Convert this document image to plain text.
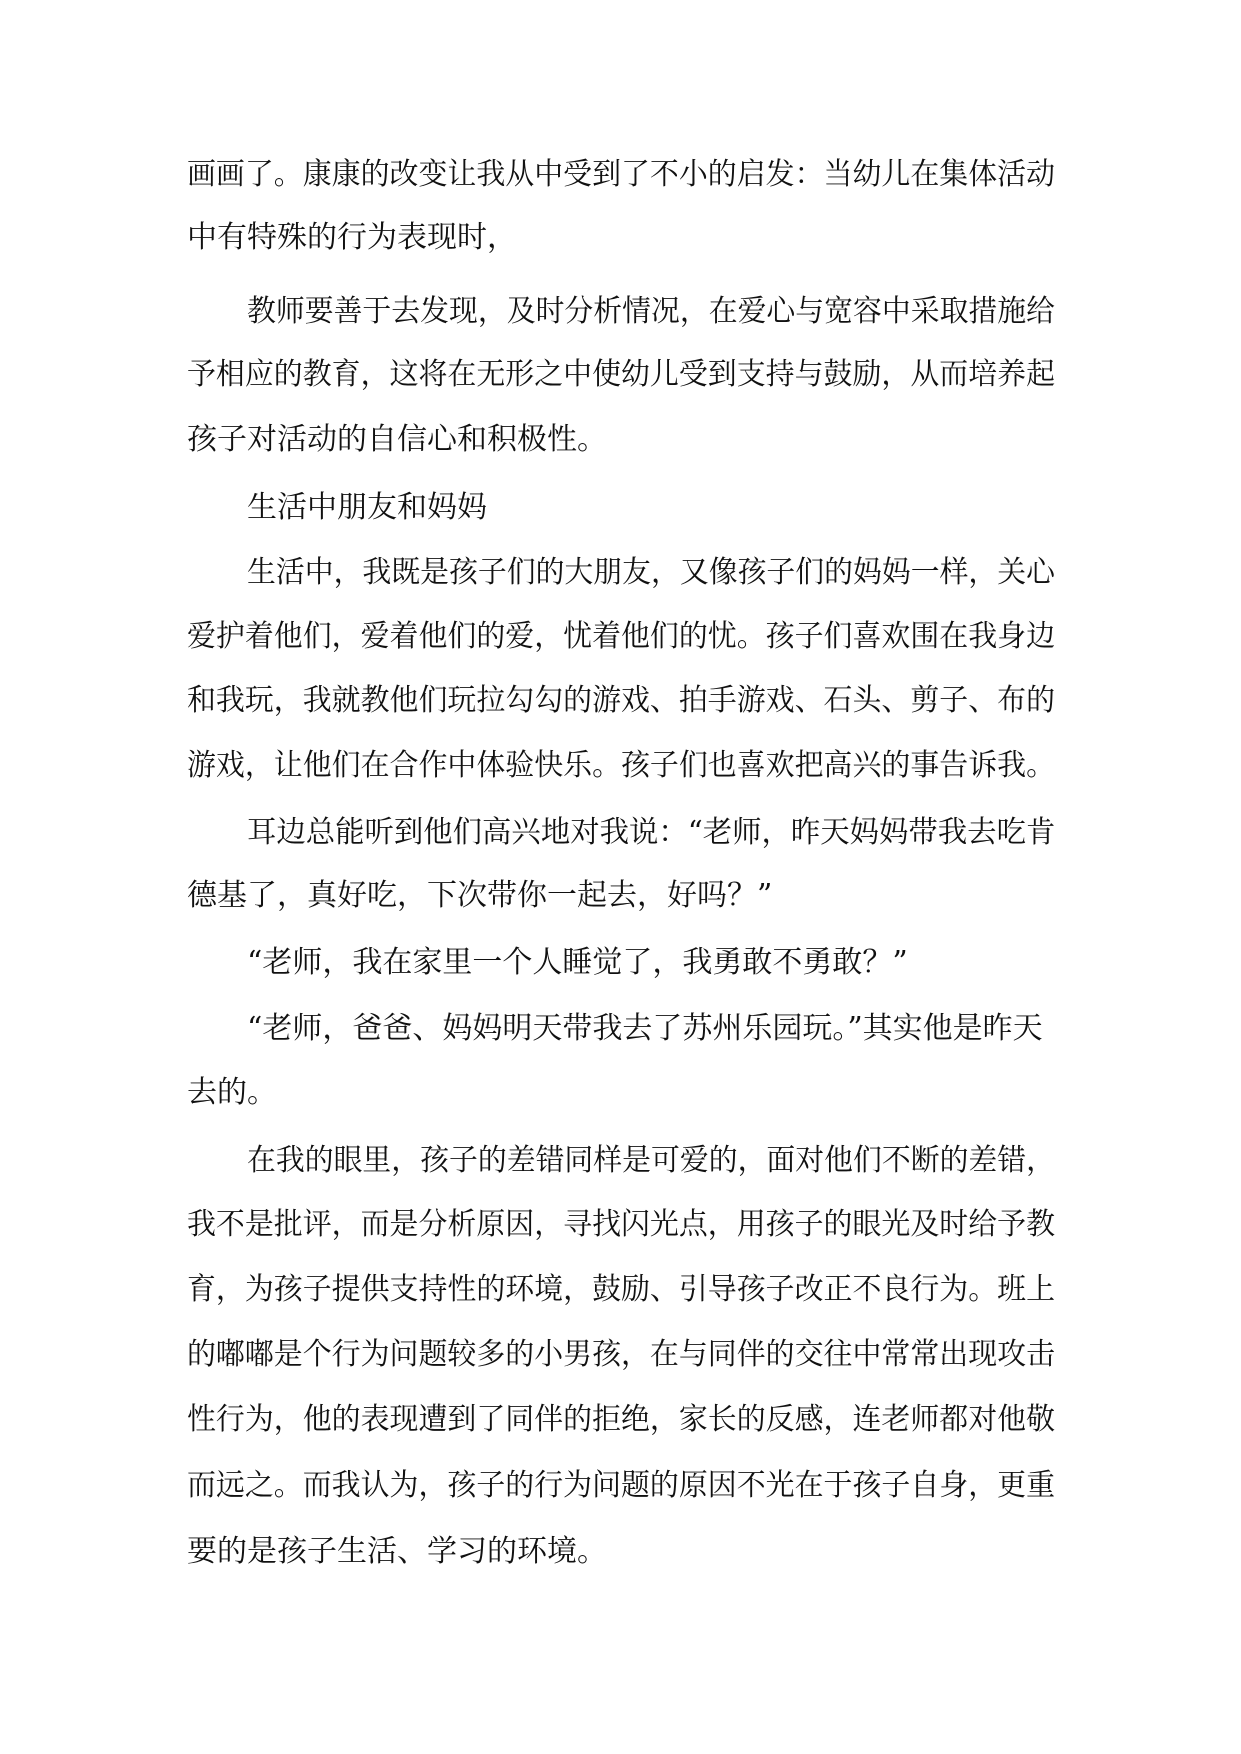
画画了。康康的改变让我从中受到了不小的启发：当幼儿在集体活动
中有特殊的行为表现时，
教师要善于去发现，及时分析情况，在爱心与宽容中采取措施给
予相应的教育，这将在无形之中使幼儿受到支持与鼓励，从而培养起
孩子对活动的自信心和积极性。
生活中朋友和妈妈
生活中，我既是孩子们的大朋友，又像孩子们的妈妈一样，关心
爱护着他们，爱着他们的爱，忧着他们的忧。孩子们喜欢围在我身边
和我玩，我就教他们玩拉勾勾的游戏、拍手游戏、石头、剪子、布的
游戏，让他们在合作中体验快乐。孩子们也喜欢把高兴的事告诉我。
耳边总能听到他们高兴地对我说：“老师，昨天妈妈带我去吃肯
德基了，真好吃，下次带你一起去，好吗？”
“老师，我在家里一个人睡觉了，我勇敢不勇敢？”
“老师，爸爸、妈妈明天带我去了苏州乐园玩。”其实他是昨天
去的。
在我的眼里，孩子的差错同样是可爱的，面对他们不断的差错，
我不是批评，而是分析原因，寻找闪光点，用孩子的眼光及时给予教
育，为孩子提供支持性的环境，鼓励、引导孩子改正不良行为。班上
的嘟嘟是个行为问题较多的小男孩，在与同伴的交往中常常出现攻击
性行为，他的表现遭到了同伴的拒绝，家长的反感，连老师都对他敬
而远之。而我认为，孩子的行为问题的原因不光在于孩子自身，更重
要的是孩子生活、学习的环境。
